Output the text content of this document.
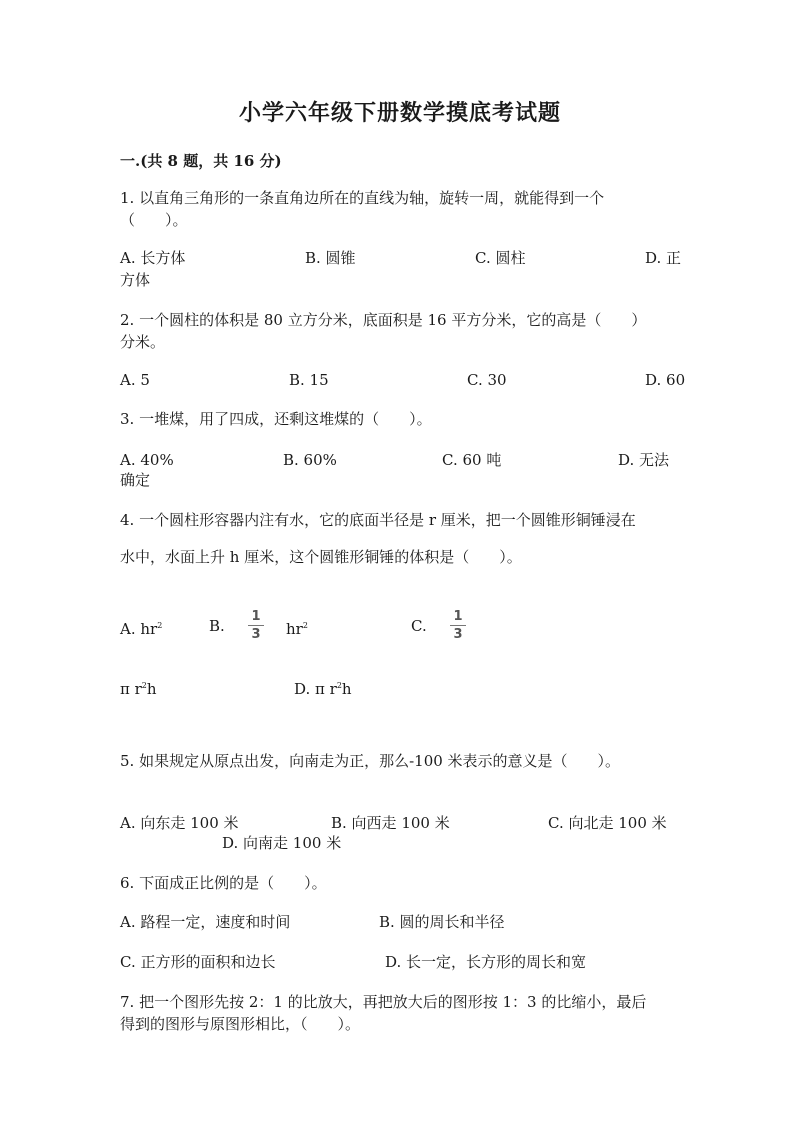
小学六年级下册数学摸底考试题
一.(共 8 题，共 16 分)
1. 以直角三角形的一条直角边所在的直线为轴，旋转一周，就能得到一个
（　　）。
A. 长方体	B. 圆锥	C. 圆柱	D. 正
方体
2. 一个圆柱的体积是 80 立方分米，底面积是 16 平方分米，它的高是（　　）
分米。
A. 5	B. 15	C. 30	D. 60
3. 一堆煤，用了四成，还剩这堆煤的（　　）。
A. 40%	B. 60%	C. 60 吨	D. 无法
确定
4. 一个圆柱形容器内注有水，它的底面半径是 r 厘米，把一个圆锥形铜锤浸在
水中，水面上升 h 厘米，这个圆锥形铜锤的体积是（　　）。
A. $hr^2$	B.
1
3 $hr^2$	C.
1
3
π $r^2h$	D. π $r^2h$
5. 如果规定从原点出发，向南走为正，那么-100 米表示的意义是（　　）。
A. 向东走 100 米	B. 向西走 100 米	C. 向北走 100 米
D. 向南走 100 米
6. 下面成正比例的是（　　）。
A. 路程一定，速度和时间	B. 圆的周长和半径
C. 正方形的面积和边长	D. 长一定，长方形的周长和宽
7. 把一个图形先按 2：1 的比放大，再把放大后的图形按 1：3 的比缩小，最后
得到的图形与原图形相比，（　　）。
